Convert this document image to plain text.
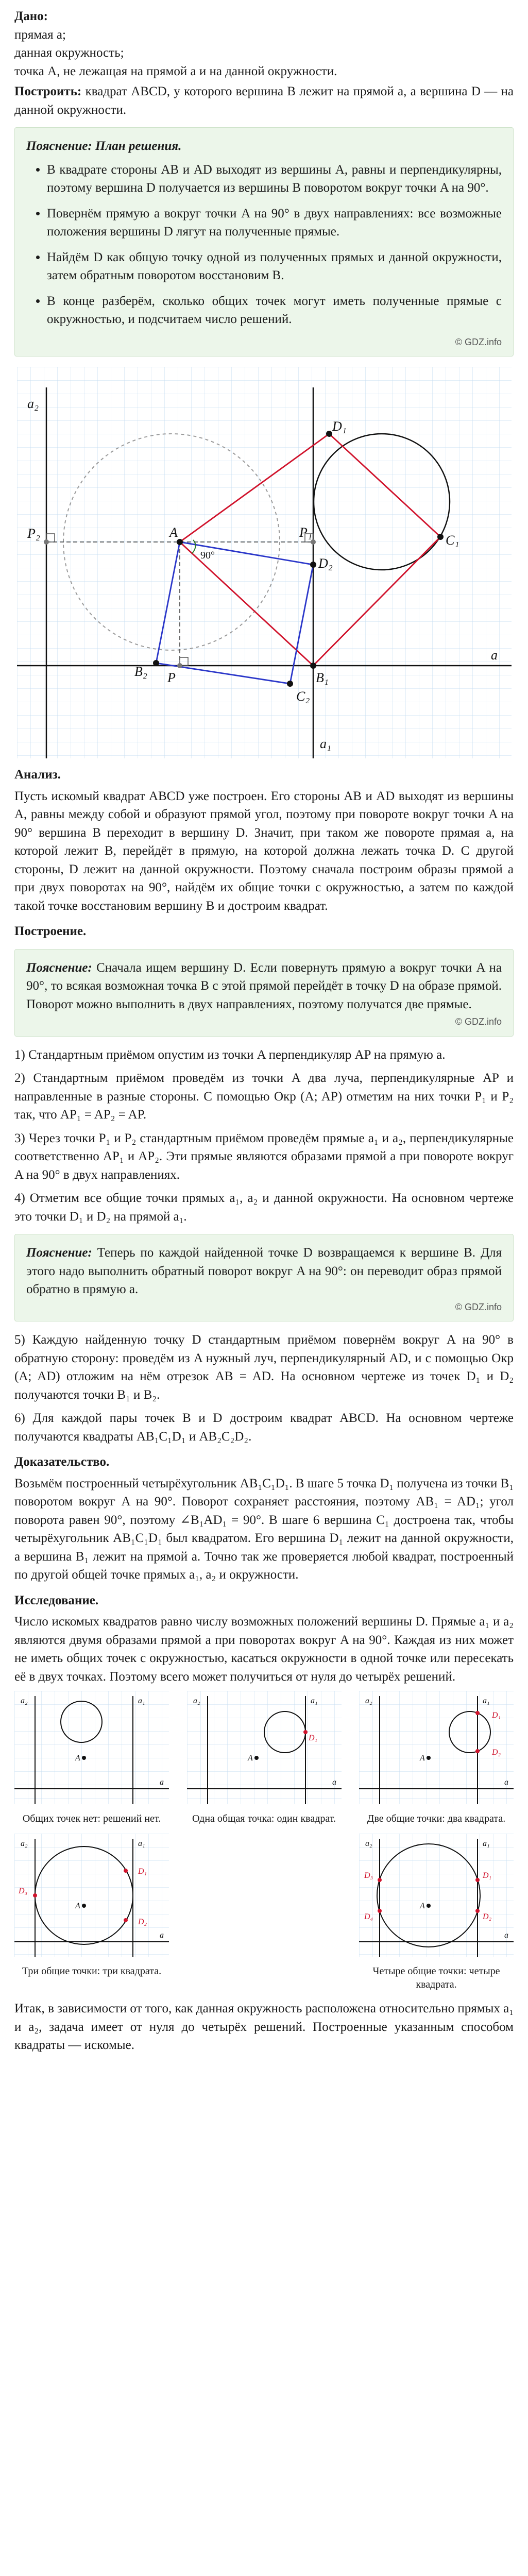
Дано:

прямая a;

данная окружность;

точка A, не лежащая на прямой a и на данной окружности.

Построить: квадрат ABCD, у которого вершина B лежит на прямой a, а вершина D — на данной окружности.

Пояснение: План решения.
• В квадрате стороны AB и AD выходят из вершины A, равны и перпендикулярны, поэтому вершина D получается из вершины B поворотом вокруг точки A на 90°.
• Повернём прямую a вокруг точки A на 90° в двух направлениях: все возможные положения вершины D лягут на полученные прямые.
• Найдём D как общую точку одной из полученных прямых и данной окружности, затем обратным поворотом восстановим B.
• В конце разберём, сколько общих точек могут иметь полученные прямые с окружностью, и подсчитаем число решений.
© GDZ.info
a₂
a₁
a
A	P₁
P₂
P
D₁
D₂
C₁
C₂
B₁
B₂
90°

Анализ.

Пусть искомый квадрат ABCD уже построен. Его стороны AB и AD выходят из вершины A, равны между собой и образуют прямой угол, поэтому при повороте вокруг точки A на 90° вершина B переходит в вершину D. Значит, при таком же повороте прямая a, на которой лежит B, перейдёт в прямую, на которой должна лежать точка D. С другой стороны, D лежит на данной окружности. Поэтому сначала построим образы прямой a при двух поворотах на 90°, найдём их общие точки с окружностью, а затем по каждой такой точке восстановим вершину B и достроим квадрат.

Построение.

Пояснение: Сначала ищем вершину D. Если повернуть прямую a вокруг точки A на 90°, то всякая возможная точка B с этой прямой перейдёт в точку D на образе прямой. Поворот можно выполнить в двух направлениях, поэтому получатся две прямые.

© GDZ.info

1) Стандартным приёмом опустим из точки A перпендикуляр AP на прямую a.

2) Стандартным приёмом проведём из точки A два луча, перпендикулярные AP и направленные в разные стороны. С помощью Окр (A; AP) отметим на них точки P₁ и P₂ так, что AP₁ = AP₂ = AP.

3) Через точки P₁ и P₂ стандартным приёмом проведём прямые a₁ и a₂, перпендикулярные соответственно AP₁ и AP₂. Эти прямые являются образами прямой a при повороте вокруг A на 90° в двух направлениях.

4) Отметим все общие точки прямых a₁, a₂ и данной окружности. На основном чертеже это точки D₁ и D₂ на прямой a₁.

Пояснение: Теперь по каждой найденной точке D возвращаемся к вершине B. Для этого надо выполнить обратный поворот вокруг A на 90°: он переводит образ прямой обратно в прямую a.

© GDZ.info

5) Каждую найденную точку D стандартным приёмом повернём вокруг A на 90° в обратную сторону: проведём из A нужный луч, перпендикулярный AD, и с помощью Окр (A; AD) отложим на нём отрезок AB = AD. На основном чертеже из точек D₁ и D₂ получаются точки B₁ и B₂.

6) Для каждой пары точек B и D достроим квадрат ABCD. На основном чертеже получаются квадраты AB₁C₁D₁ и AB₂C₂D₂.

Доказательство.

Возьмём построенный четырёхугольник AB₁C₁D₁. В шаге 5 точка D₁ получена из точки B₁ поворотом вокруг A на 90°. Поворот сохраняет расстояния, поэтому AB₁ = AD₁; угол поворота равен 90°, поэтому ∠B₁AD₁ = 90°. В шаге 6 вершина C₁ достроена так, чтобы четырёхугольник AB₁C₁D₁ был квадратом. Его вершина D₁ лежит на данной окружности, а вершина B₁ лежит на прямой a. Точно так же проверяется любой квадрат, построенный по другой общей точке прямых a₁, a₂ и окружности.

Исследование.

Число искомых квадратов равно числу возможных положений вершины D. Прямые a₁ и a₂ являются двумя образами прямой a при поворотах вокруг A на 90°. Каждая из них может не иметь общих точек с окружностью, касаться окружности в одной точке или пересекать её в двух точках. Поэтому всего может получиться от нуля до четырёх решений.

a₂	a₁
A
a
Общих точек нет: решений нет.
a₂	a₁
A
a
D₁
Одна общая точка: один квадрат.
a₂	a₁
A
a
D₁
D₂
Две общие точки: два квадрата.
a₂	a₁
A
a
D₁
D₂
D₃
Три общие точки: три квадрата.
a₂	a₁
A
a
D₁
D₂
D₃
D₄
Четыре общие точки: четыре квадрата.

Итак, в зависимости от того, как данная окружность расположена относительно прямых a₁ и a₂, задача имеет от нуля до четырёх решений. Построенные указанным способом квадраты — искомые.
